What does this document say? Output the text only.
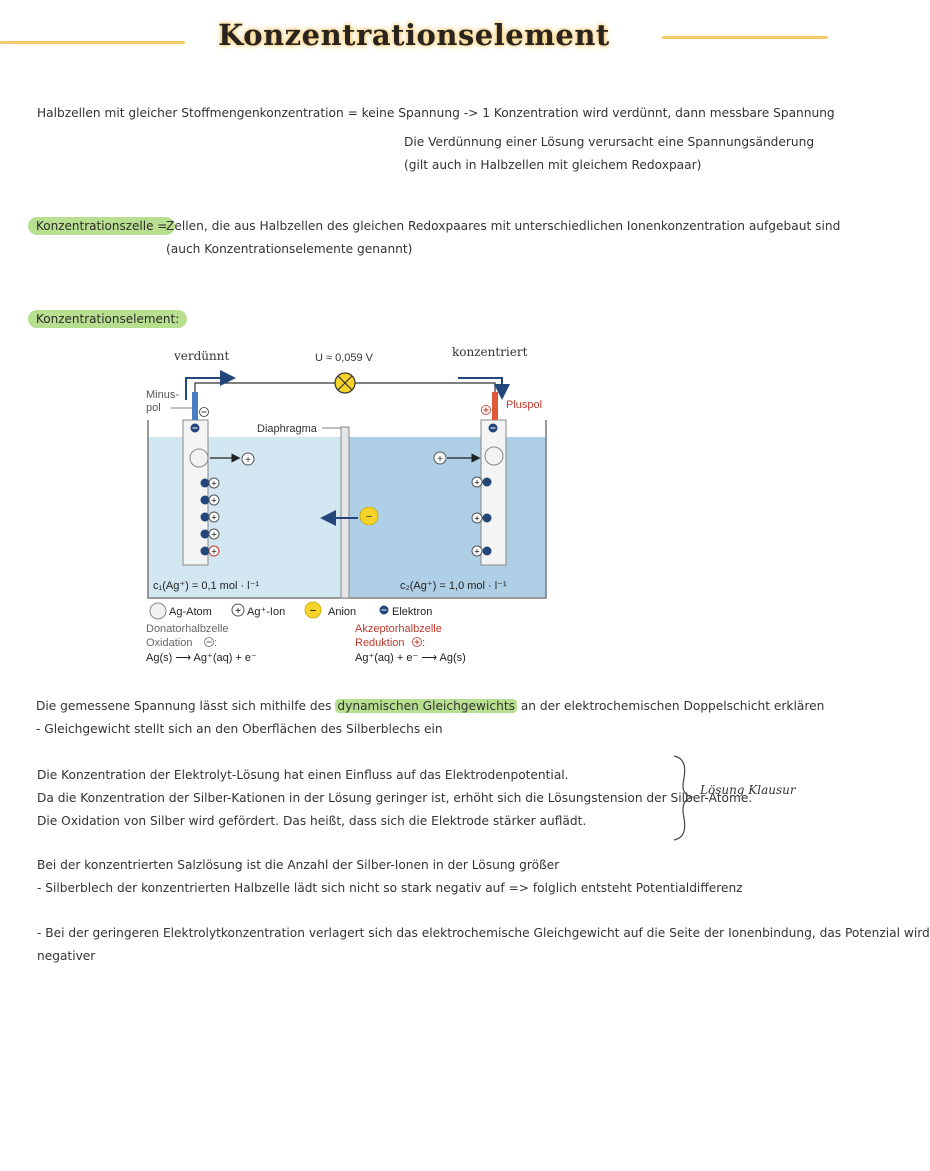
Konzentrationselement
Halbzellen mit gleicher Stoffmengenkonzentration = keine Spannung -> 1 Konzentration wird verdünnt, dann messbare Spannung
Die Verdünnung einer Lösung verursacht eine Spannungsänderung
(gilt auch in Halbzellen mit gleichem Redoxpaar)
Konzentrationszelle =
Zellen, die aus Halbzellen des gleichen Redoxpaares mit unterschiedlichen Ionenkonzentration aufgebaut sind
(auch Konzentrationselemente genannt)
Konzentrationselement:
Diaphragma
U ≈ 0,059 V
verdünnt	konzentriert
Minus-
pol	Pluspol
+
+
+
+
+
+
+
+
+
+
−
c₁(Ag⁺) = 0,1 mol · l⁻¹	c₂(Ag⁺) = 1,0 mol · l⁻¹
Ag-Atom + Ag⁺-Ion − Anion	Elektron
Donatorhalbzelle
Oxidation :
Ag(s) ⟶ Ag⁺(aq) + e⁻
Akzeptorhalbzelle
Reduktion :
Ag⁺(aq) + e⁻ ⟶ Ag(s)
Die gemessene Spannung lässt sich mithilfe des dynamischen Gleichgewichts an der elektrochemischen Doppelschicht erklären
- Gleichgewicht stellt sich an den Oberflächen des Silberblechs ein
Die Konzentration der Elektrolyt-Lösung hat einen Einfluss auf das Elektrodenpotential.
Da die Konzentration der Silber-Kationen in der Lösung geringer ist, erhöht sich die Lösungstension der Silber-Atome.
Die Oxidation von Silber wird gefördert. Das heißt, dass sich die Elektrode stärker auflädt.
Lösung Klausur
Bei der konzentrierten Salzlösung ist die Anzahl der Silber-Ionen in der Lösung größer
- Silberblech der konzentrierten Halbzelle lädt sich nicht so stark negativ auf => folglich entsteht Potentialdifferenz
- Bei der geringeren Elektrolytkonzentration verlagert sich das elektrochemische Gleichgewicht auf die Seite der Ionenbindung, das Potenzial wird
negativer
